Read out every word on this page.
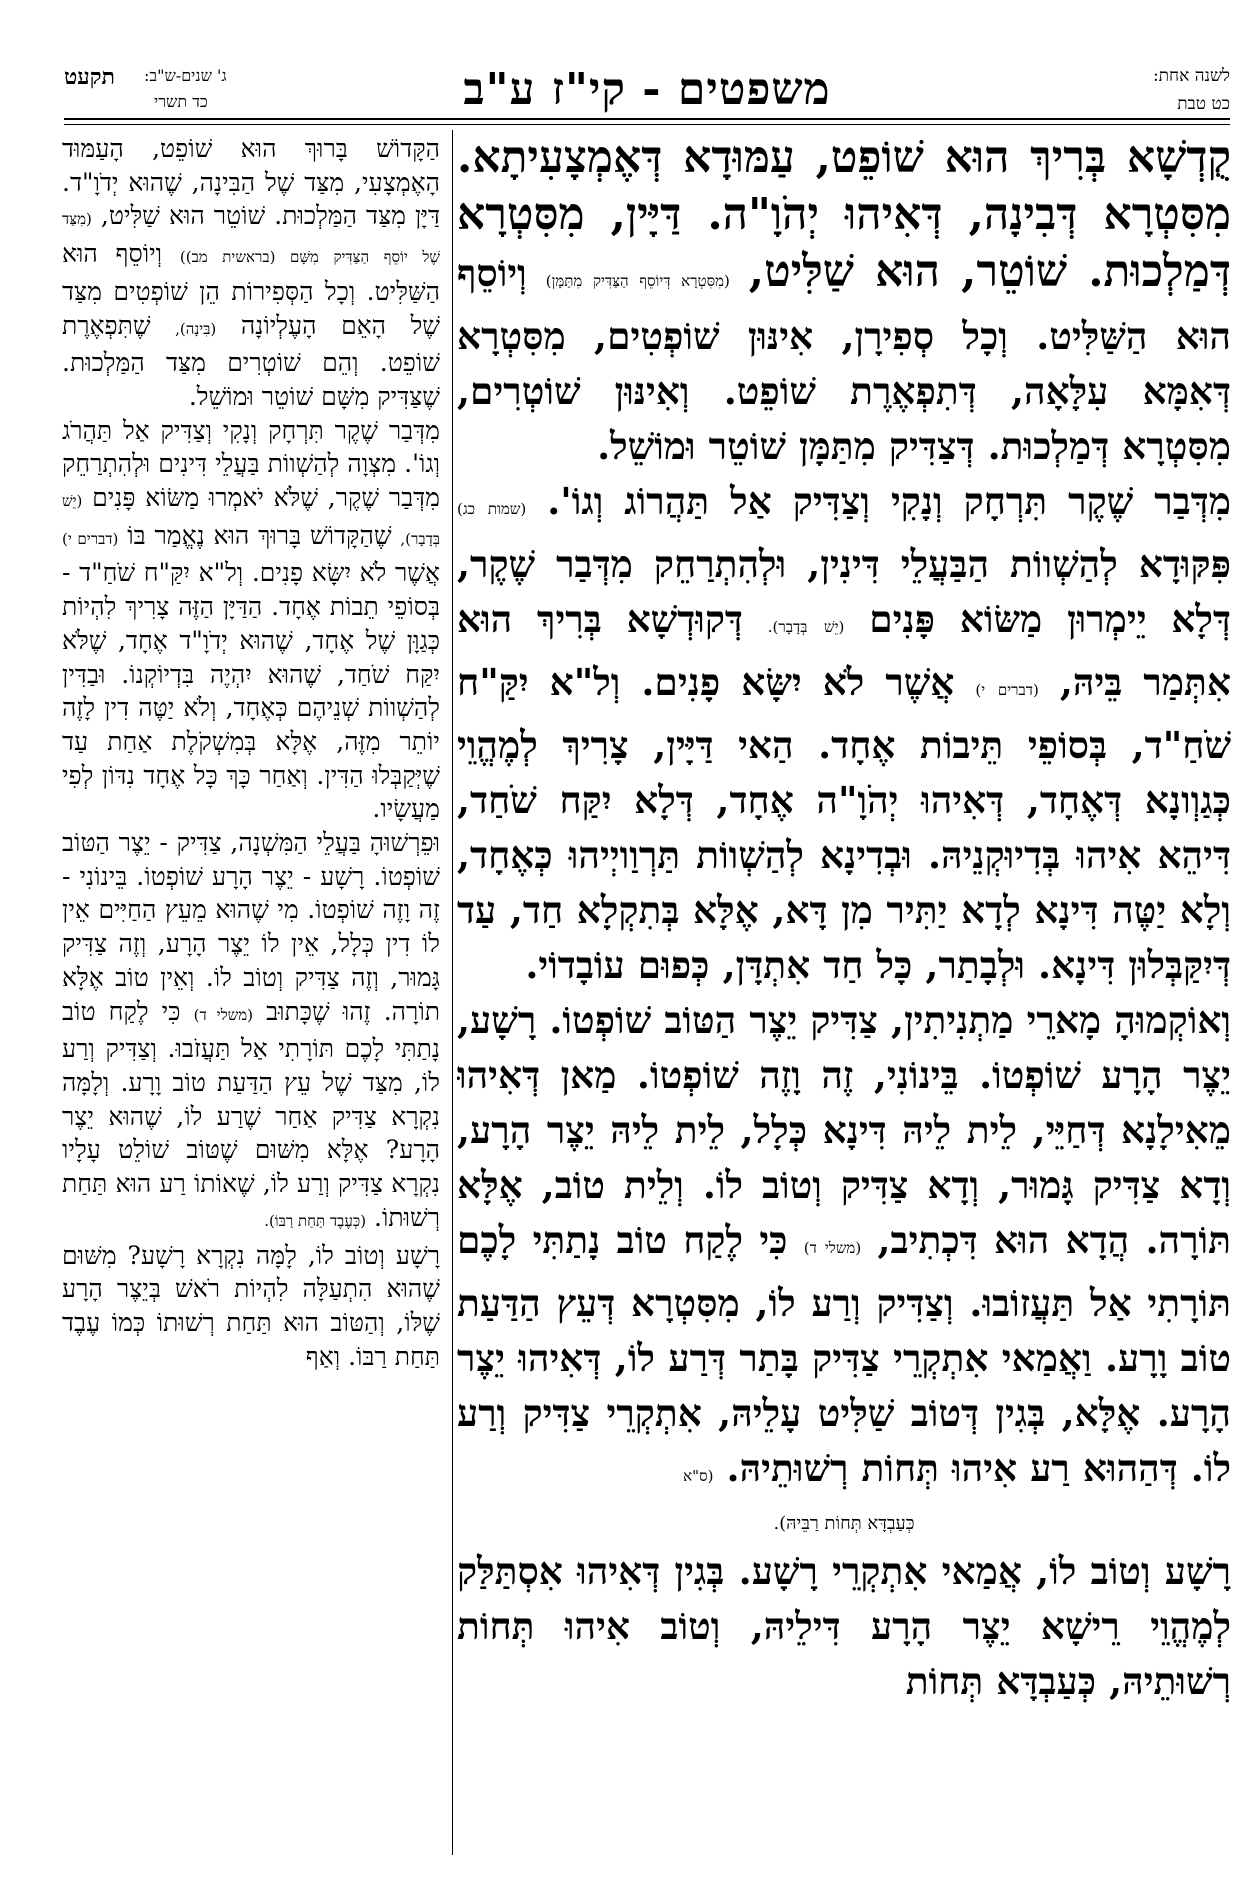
משפטים - קי"ז ע"ב	לשנה אחת:
כט טבת
תקעט ג' שנים-ש"ב:
כד תשרי

קֻדְשָׁא בְּרִיךְ הוּא שׁוֹפֵט, עַמּוּדָא דְּאֶמְצָעִיתָא. מִסִּטְרָא דְּבִינָה, דְּאִיהוּ יְהֹוָ"ה. דַּיָּין, מִסִּטְרָא דְּמַלְכוּת. שׁוֹטֵר, הוּא שַׁלִּיט, (מִסִּטְרָא דְּיוֹסֵף הַצַּדִּיק מִתַּמָּן) וְיוֹסֵף הוּא הַשַּׁלִּיט. וְכָל סְפִירָן, אִינּוּן שׁוֹפְטִים, מִסִּטְרָא דְּאִמָּא עִלָּאָה, דְּתִפְאֶרֶת שׁוֹפֵט. וְאִינּוּן שׁוֹטְרִים, מִסִּטְרָא דְּמַלְכוּת. דְּצַדִּיק מִתַּמָּן שׁוֹטֵר וּמוֹשֵׁל.

מִדְּבַר שֶׁקֶר תִּרְחָק וְנָקִי וְצַדִּיק אַל תַּהֲרוֹג וְגוֹ'. (שמות כג) פִּקּוּדָא לְהַשְׁווֹת הַבַּעֲלֵי דִּינִין, וּלְהִתְרַחֵק מִדְּבַר שֶׁקֶר, דְּלָא יֵימְרוּן מַשּׂוֹא פָּנִים (יֵשׁ בְּדָבָר). דְּקוּדְשָׁא בְּרִיךְ הוּא אִתְּמַר בֵּיהּ, (דברים י) אֲשֶׁר לֹא יִשָּׂא פָנִים. וְל"א יִקַּ"ח שֹׁחַ"ד, בְּסוֹפֵי תֵּיבוֹת אֶחָד. הַאי דַּיָּין, צָרִיךְ לְמֶהֱוֵי כְּגַוְונָא דְּאֶחָד, דְּאִיהוּ יְהֹוָ"ה אֶחָד, דְּלָא יִקַּח שֹׁחַד, דִּיהֵא אִיהוּ בְּדִיוּקְנֵיהּ. וּבְדִינָא לְהַשְׁווֹת תַּרְוַויְיהוּ כְּאֶחָד, וְלָא יַטֶּה דִּינָא לְדָא יַתִּיר מִן דָּא, אֶלָּא בְּתִקְלָא חַד, עַד דְּיִקַּבְּלוּן דִּינָא. וּלְבָתַר, כָּל חַד אִתְדָּן, כְּפוּם עוֹבָדוֹי.

וְאוֹקְמוּהָ מָארֵי מַתְנִיתִין, צַדִּיק יֵצֶר הַטּוֹב שׁוֹפְטוֹ. רָשָׁע, יֵצֶר הָרָע שׁוֹפְטוֹ. בֵּינוֹנִי, זֶה וָזֶה שׁוֹפְטוֹ. מַאן דְּאִיהוּ מֵאִילָנָא דְּחַיֵּי, לֵית לֵיהּ דִּינָא כְּלָל, לֵית לֵיהּ יֵצֶר הָרָע, וְדָא צַדִּיק גָּמוּר, וְדָא צַדִּיק וְטוֹב לוֹ. וְלֵית טוֹב, אֶלָּא תּוֹרָה. הֲדָא הוּא דִּכְתִיב, (משלי ד) כִּי לֶקַח טוֹב נָתַתִּי לָכֶם תּוֹרָתִי אַל תַּעֲזוֹבוּ. וְצַדִּיק וְרַע לוֹ, מִסִּטְרָא דְּעֵץ הַדַּעַת טוֹב וָרָע. וַאֲמַאי אִתְקְרֵי צַדִּיק בָּתַר דְּרַע לוֹ, דְּאִיהוּ יֵצֶר הָרָע. אֶלָּא, בְּגִין דְּטוֹב שַׁלִּיט עָלֵיהּ, אִתְקְרֵי צַדִּיק וְרַע לוֹ. דְּהַהוּא רַע אִיהוּ תְּחוֹת רְשׁוּתֵיהּ. (ס"א

כְּעַבְדָּא תְּחוֹת רַבֵּיהּ).

רָשָׁע וְטוֹב לוֹ, אֲמַאי אִתְקְרֵי רָשָׁע. בְּגִין דְּאִיהוּ אִסְתַּלַּק לְמֶהֱוֵי רֵישָׁא יֵצֶר הָרָע דִּילֵיהּ, וְטוֹב אִיהוּ תְּחוֹת רְשׁוּתֵיהּ, כְּעַבְדָּא תְּחוֹת

הַקָּדוֹשׁ בָּרוּךְ הוּא שׁוֹפֵט, הָעַמּוּד הָאֶמְצָעִי, מִצַּד שֶׁל הַבִּינָה, שֶׁהוּא יְדֹוָ"ד. דַּיָּן מִצַּד הַמַּלְכוּת. שׁוֹטֵר הוּא שַׁלִּיט, (מִצַּד שֶׁל יוֹסֵף הַצַּדִּיק מִשָּׁם (בראשית מב)) וְיוֹסֵף הוּא הַשַּׁלִּיט. וְכָל הַסְּפִירוֹת הֵן שׁוֹפְטִים מִצַּד שֶׁל הָאֵם הָעֶלְיוֹנָה (בִּינָה), שֶׁתִּפְאֶרֶת שׁוֹפֵט. וְהֵם שׁוֹטְרִים מִצַּד הַמַּלְכוּת. שֶׁצַּדִּיק מִשָּׁם שׁוֹטֵר וּמוֹשֵׁל.

מִדְּבַר שֶׁקֶר תִּרְחָק וְנָקִי וְצַדִּיק אַל תַּהֲרֹג וְגוֹ'. מִצְוָה לְהַשְׁווֹת בַּעֲלֵי דִּינִים וּלְהִתְרַחֵק מִדְּבַר שֶׁקֶר, שֶׁלֹּא יֹאמְרוּ מַשּׂוֹא פָּנִים (יֵשׁ בְּדָבָר), שֶׁהַקָּדוֹשׁ בָּרוּךְ הוּא נֶאֱמַר בּוֹ (דברים י) אֲשֶׁר לֹא יִשָּׂא פָנִים. וְל"א יִקַּ"ח שֹׁחַ"ד - בְּסוֹפֵי תֵבוֹת אֶחָד. הַדַּיָּן הַזֶּה צָרִיךְ לִהְיוֹת כְּגַוָּן שֶׁל אֶחָד, שֶׁהוּא יְדֹוָ"ד אֶחָד, שֶׁלֹּא יִקַּח שֹׁחַד, שֶׁהוּא יִהְיֶה בִּדְיוֹקְנוֹ. וּבַדִּין לְהַשְׁווֹת שְׁנֵיהֶם כְּאֶחָד, וְלֹא יַטֶּה דִין לָזֶה יוֹתֵר מִזֶּה, אֶלָּא בְּמִשְׁקֹלֶת אַחַת עַד שֶׁיְּקַבְּלוּ הַדִּין. וְאַחַר כָּךְ כָּל אֶחָד נִדּוֹן לְפִי מַעֲשָׂיו.

וּפֵרְשׁוּהָ בַּעֲלֵי הַמִּשְׁנָה, צַדִּיק - יֵצֶר הַטּוֹב שׁוֹפְטוֹ. רָשָׁע - יֵצֶר הָרָע שׁוֹפְטוֹ. בֵּינוֹנִי - זֶה וָזֶה שׁוֹפְטוֹ. מִי שֶׁהוּא מֵעֵץ הַחַיִּים אֵין לוֹ דִין כְּלָל, אֵין לוֹ יֵצֶר הָרָע, וְזֶה צַדִּיק גָּמוּר, וְזֶה צַדִּיק וְטוֹב לוֹ. וְאֵין טוֹב אֶלָּא תוֹרָה. זֶהוּ שֶׁכָּתוּב (משלי ד) כִּי לֶקַח טוֹב נָתַתִּי לָכֶם תּוֹרָתִי אַל תַּעֲזֹבוּ. וְצַדִּיק וְרַע לוֹ, מִצַּד שֶׁל עֵץ הַדַּעַת טוֹב וָרָע. וְלָמָּה נִקְרָא צַדִּיק אַחַר שֶׁרַע לוֹ, שֶׁהוּא יֵצֶר הָרָע? אֶלָּא מִשּׁוּם שֶׁטּוֹב שׁוֹלֵט עָלָיו נִקְרָא צַדִּיק וְרַע לוֹ, שֶׁאוֹתוֹ רַע הוּא תַּחַת רְשׁוּתוֹ. (כְּעֶבֶד תַּחַת רַבּוֹ).

רָשָׁע וְטוֹב לוֹ, לָמָּה נִקְרָא רָשָׁע? מִשּׁוּם שֶׁהוּא הִתְעַלָּה לִהְיוֹת רֹאשׁ בְּיֵצֶר הָרָע שֶׁלּוֹ, וְהַטּוֹב הוּא תַּחַת רְשׁוּתוֹ כְּמוֹ עֶבֶד תַּחַת רַבּוֹ. וְאַף
